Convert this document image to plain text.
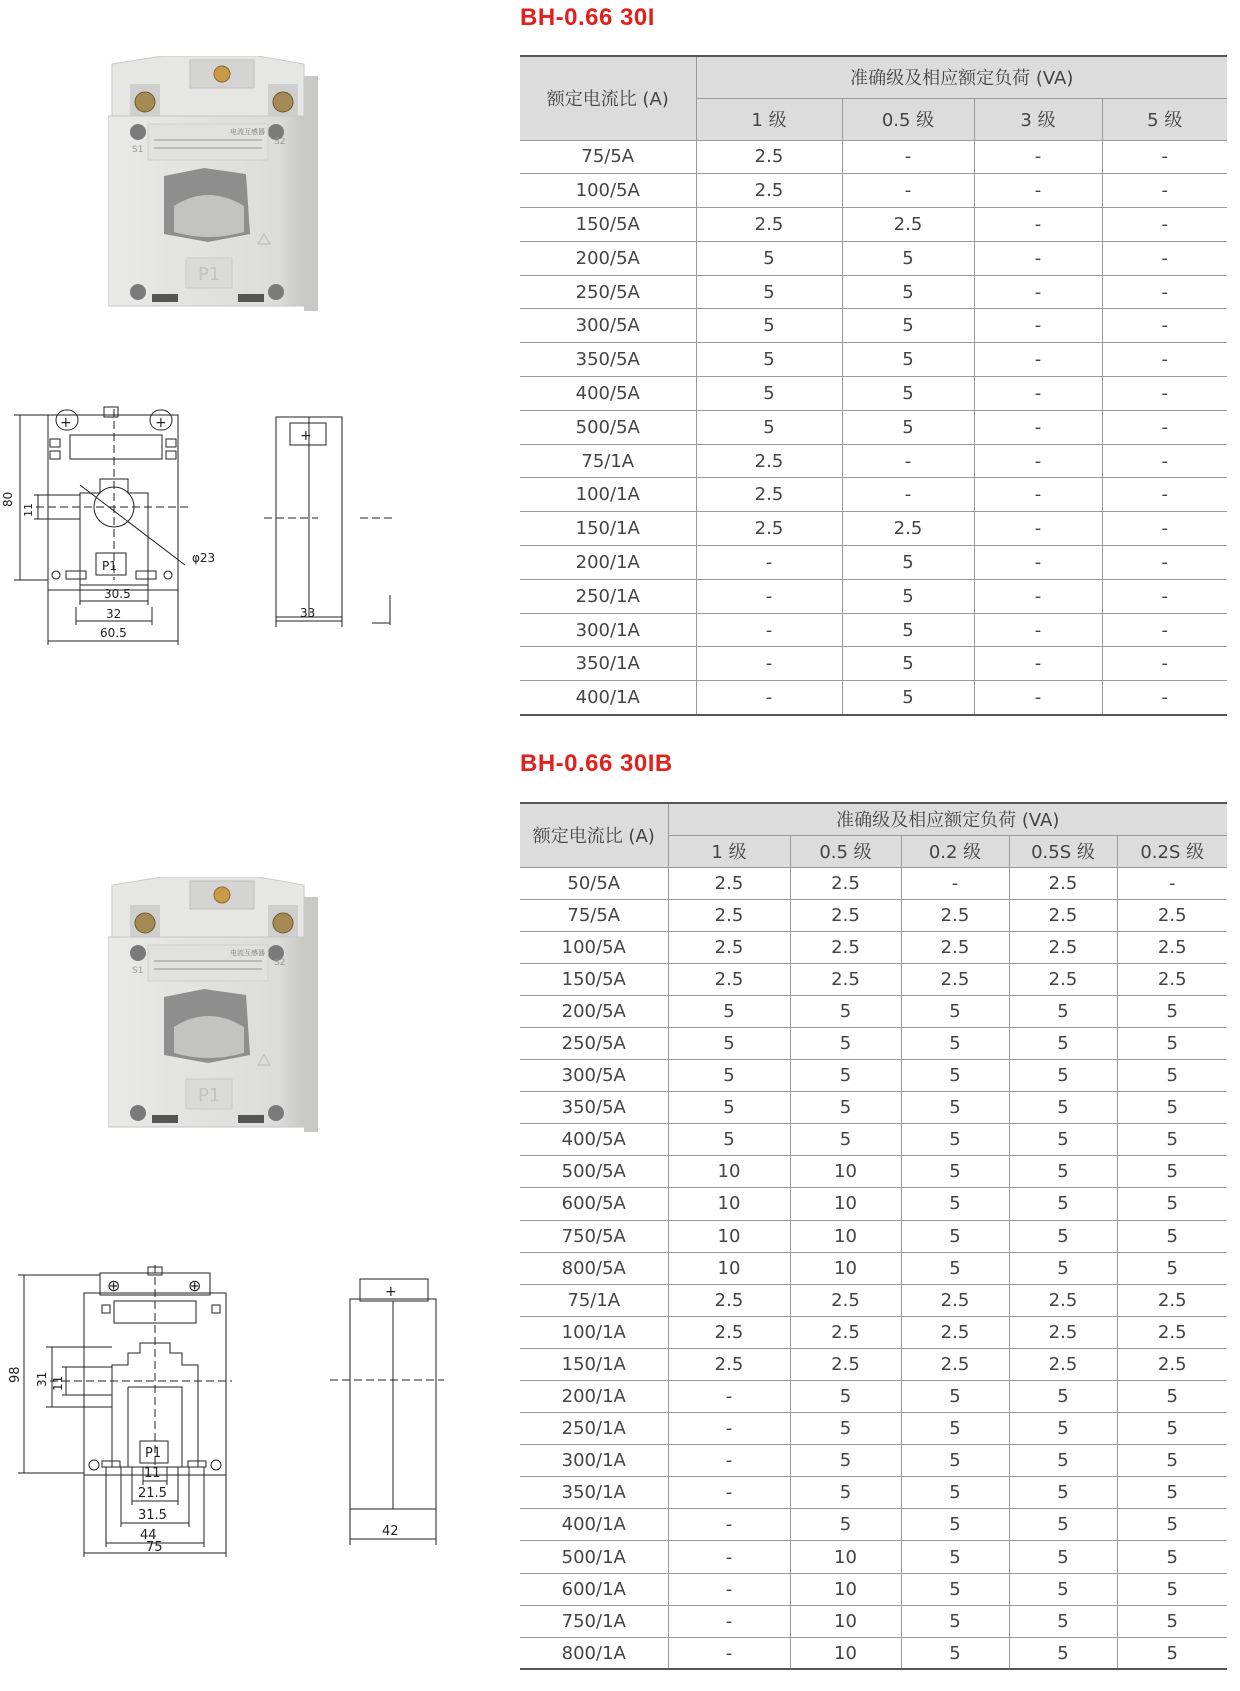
BH-0.66 30I
电流互感器
S1
S2
P1
+	+
φ23
P1
80
11
30.5
32
60.5
+
33
额定电流比 (A)	准确级及相应额定负荷 (VA)			
	1 级	0.5 级	3 级	5 级
75/5A	2.5	-	-	-
100/5A	2.5	-	-	-
150/5A	2.5	2.5	-	-
200/5A	5	5	-	-
250/5A	5	5	-	-
300/5A	5	5	-	-
350/5A	5	5	-	-
400/5A	5	5	-	-
500/5A	5	5	-	-
75/1A	2.5	-	-	-
100/1A	2.5	-	-	-
150/1A	2.5	2.5	-	-
200/1A	-	5	-	-
250/1A	-	5	-	-
300/1A	-	5	-	-
350/1A	-	5	-	-
400/1A	-	5	-	-
BH-0.66 30IB
电流互感器
S1
S2
P1
⊕	⊕
P1
98 31 11
11
21.5
31.5
44
75
+
42
额定电流比 (A)	准确级及相应额定负荷 (VA)				
	1 级	0.5 级	0.2 级	0.5S 级	0.2S 级
50/5A	2.5	2.5	-	2.5	-
75/5A	2.5	2.5	2.5	2.5	2.5
100/5A	2.5	2.5	2.5	2.5	2.5
150/5A	2.5	2.5	2.5	2.5	2.5
200/5A	5	5	5	5	5
250/5A	5	5	5	5	5
300/5A	5	5	5	5	5
350/5A	5	5	5	5	5
400/5A	5	5	5	5	5
500/5A	10	10	5	5	5
600/5A	10	10	5	5	5
750/5A	10	10	5	5	5
800/5A	10	10	5	5	5
75/1A	2.5	2.5	2.5	2.5	2.5
100/1A	2.5	2.5	2.5	2.5	2.5
150/1A	2.5	2.5	2.5	2.5	2.5
200/1A	-	5	5	5	5
250/1A	-	5	5	5	5
300/1A	-	5	5	5	5
350/1A	-	5	5	5	5
400/1A	-	5	5	5	5
500/1A	-	10	5	5	5
600/1A	-	10	5	5	5
750/1A	-	10	5	5	5
800/1A	-	10	5	5	5
